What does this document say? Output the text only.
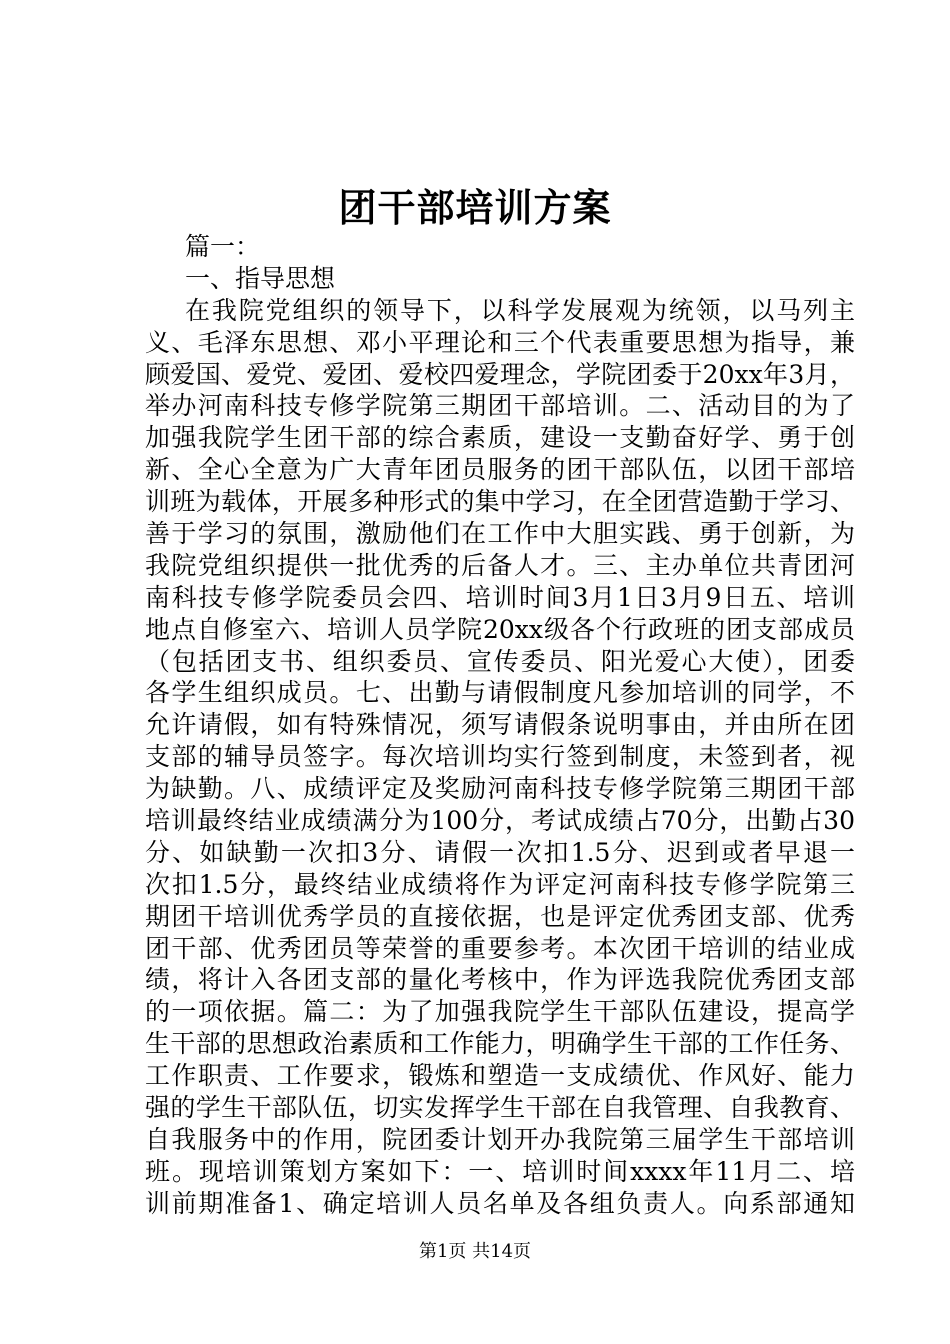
团干部培训方案
篇一：
一、指导思想
在我院党组织的领导下，以科学发展观为统领，以马列主
义、毛泽东思想、邓小平理论和三个代表重要思想为指导，兼
顾爱国、爱党、爱团、爱校四爱理念，学院团委于20xx年3月，
举办河南科技专修学院第三期团干部培训。二、活动目的为了
加强我院学生团干部的综合素质，建设一支勤奋好学、勇于创
新、全心全意为广大青年团员服务的团干部队伍，以团干部培
训班为载体，开展多种形式的集中学习，在全团营造勤于学习、
善于学习的氛围，激励他们在工作中大胆实践、勇于创新，为
我院党组织提供一批优秀的后备人才。三、主办单位共青团河
南科技专修学院委员会四、培训时间3月1日3月9日五、培训
地点自修室六、培训人员学院20xx级各个行政班的团支部成员
（包括团支书、组织委员、宣传委员、阳光爱心大使），团委
各学生组织成员。七、出勤与请假制度凡参加培训的同学，不
允许请假，如有特殊情况，须写请假条说明事由，并由所在团
支部的辅导员签字。每次培训均实行签到制度，未签到者，视
为缺勤。八、成绩评定及奖励河南科技专修学院第三期团干部
培训最终结业成绩满分为100分，考试成绩占70分，出勤占30
分、如缺勤一次扣3分、请假一次扣1.5分、迟到或者早退一
次扣1.5分，最终结业成绩将作为评定河南科技专修学院第三
期团干培训优秀学员的直接依据，也是评定优秀团支部、优秀
团干部、优秀团员等荣誉的重要参考。本次团干培训的结业成
绩，将计入各团支部的量化考核中，作为评选我院优秀团支部
的一项依据。篇二：为了加强我院学生干部队伍建设，提高学
生干部的思想政治素质和工作能力，明确学生干部的工作任务、
工作职责、工作要求，锻炼和塑造一支成绩优、作风好、能力
强的学生干部队伍，切实发挥学生干部在自我管理、自我教育、
自我服务中的作用，院团委计划开办我院第三届学生干部培训
班。现培训策划方案如下：一、培训时间xxxx年11月二、培
训前期准备1、确定培训人员名单及各组负责人。向系部通知
第1页 共14页
